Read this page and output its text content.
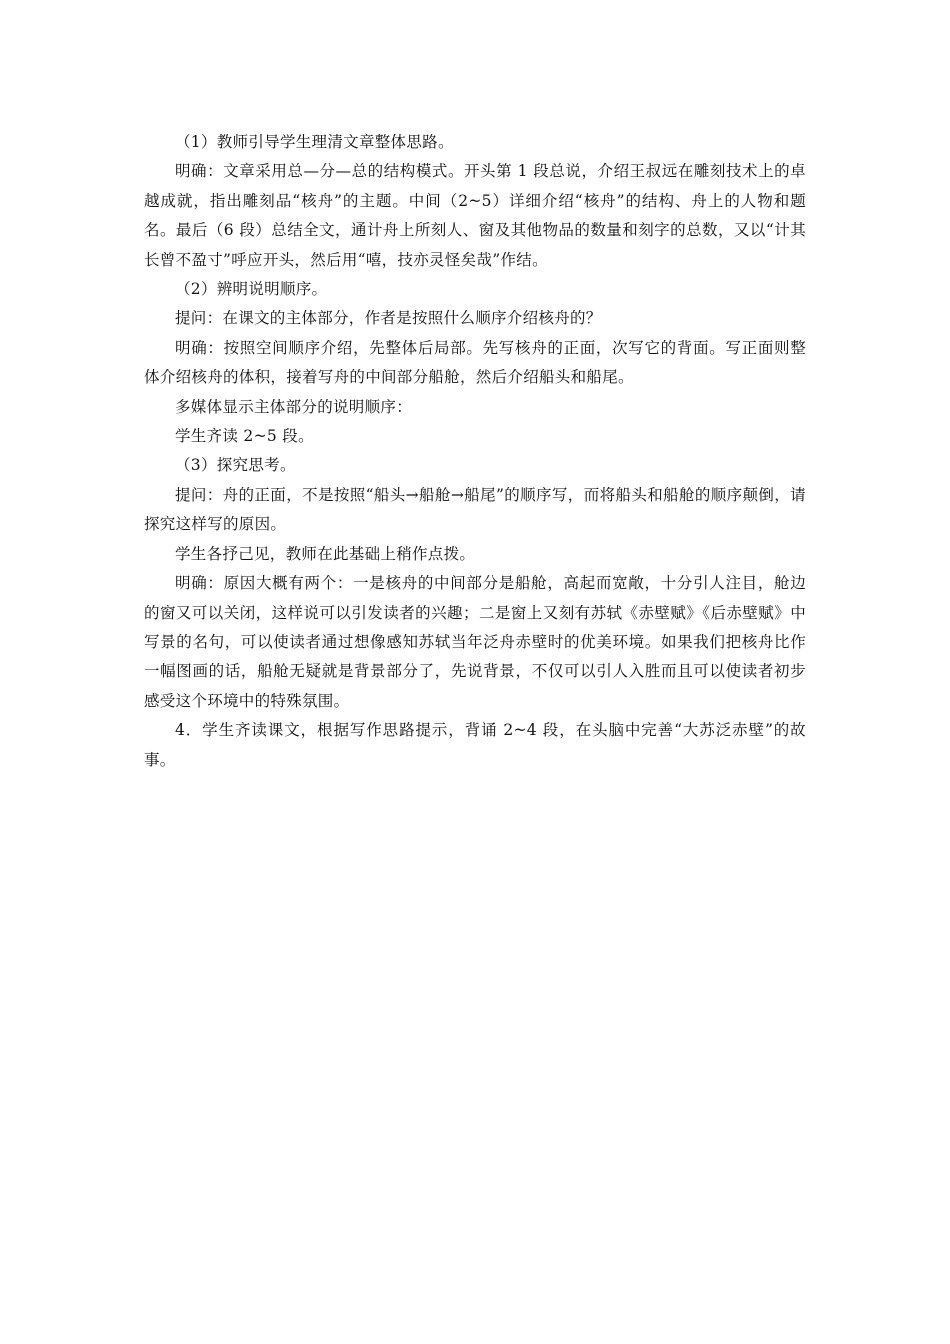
（1）教师引导学生理清文章整体思路。

明确：文章采用总—分—总的结构模式。开头第 1 段总说，介绍王叔远在雕刻技术上的卓越成就，指出雕刻品“核舟”的主题。中间（2~5）详细介绍“核舟”的结构、舟上的人物和题名。最后（6 段）总结全文，通计舟上所刻人、窗及其他物品的数量和刻字的总数，又以“计其长曾不盈寸”呼应开头，然后用“嘻，技亦灵怪矣哉”作结。

（2）辨明说明顺序。

提问：在课文的主体部分，作者是按照什么顺序介绍核舟的？

明确：按照空间顺序介绍，先整体后局部。先写核舟的正面，次写它的背面。写正面则整体介绍核舟的体积，接着写舟的中间部分船舱，然后介绍船头和船尾。

多媒体显示主体部分的说明顺序：

学生齐读 2~5 段。

（3）探究思考。

提问：舟的正面，不是按照“船头→船舱→船尾”的顺序写，而将船头和船舱的顺序颠倒，请探究这样写的原因。

学生各抒己见，教师在此基础上稍作点拨。

明确：原因大概有两个：一是核舟的中间部分是船舱，高起而宽敞，十分引人注目，舱边的窗又可以关闭，这样说可以引发读者的兴趣；二是窗上又刻有苏轼《赤壁赋》《后赤壁赋》中写景的名句，可以使读者通过想像感知苏轼当年泛舟赤壁时的优美环境。如果我们把核舟比作一幅图画的话，船舱无疑就是背景部分了，先说背景，不仅可以引人入胜而且可以使读者初步感受这个环境中的特殊氛围。

4．学生齐读课文，根据写作思路提示，背诵 2~4 段，在头脑中完善“大苏泛赤壁”的故事。
